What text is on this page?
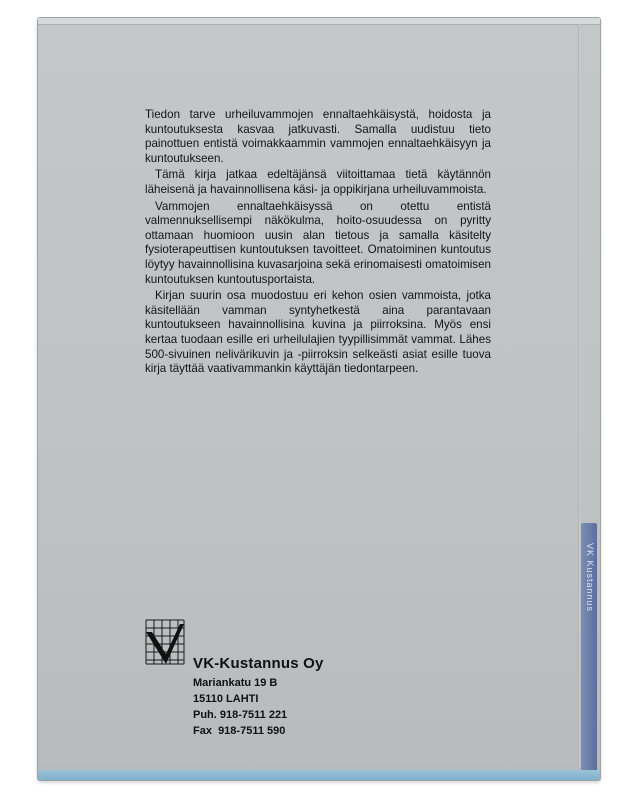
VK Kustannus

Tiedon tarve urheiluvammojen ennaltaehkäisystä, hoidosta ja kuntoutuksesta kasvaa jatkuvasti. Samalla uudistuu tieto painottuen entistä voimakkaammin vammojen ennaltaehkäisyyn ja kuntoutukseen.

Tämä kirja jatkaa edeltäjänsä viitoittamaa tietä käytännön läheisenä ja havainnollisena käsi- ja oppikirjana urheiluvammoista.

Vammojen ennaltaehkäisyssä on otettu entistä valmennuksellisempi näkökulma, hoito-osuudessa on pyritty ottamaan huomioon uusin alan tietous ja samalla käsitelty fysioterapeuttisen kuntoutuksen tavoitteet. Omatoiminen kuntoutus löytyy havainnollisina kuvasarjoina sekä erinomaisesti omatoimisen kuntoutuksen kuntoutusportaista.

Kirjan suurin osa muodostuu eri kehon osien vammoista, jotka käsitellään vamman syntyhetkestä aina parantavaan kuntoutukseen havainnollisina kuvina ja piirroksina. Myös ensi kertaa tuodaan esille eri urheilulajien tyypillisimmät vammat. Lähes 500-sivuinen nelivärikuvin ja -piirroksin selkeästi asiat esille tuova kirja täyttää vaativammankin käyttäjän tiedontarpeen.

VK-Kustannus Oy
Mariankatu 19 B
15110 LAHTI
Puh. 918-7511 221
Fax  918-7511 590
